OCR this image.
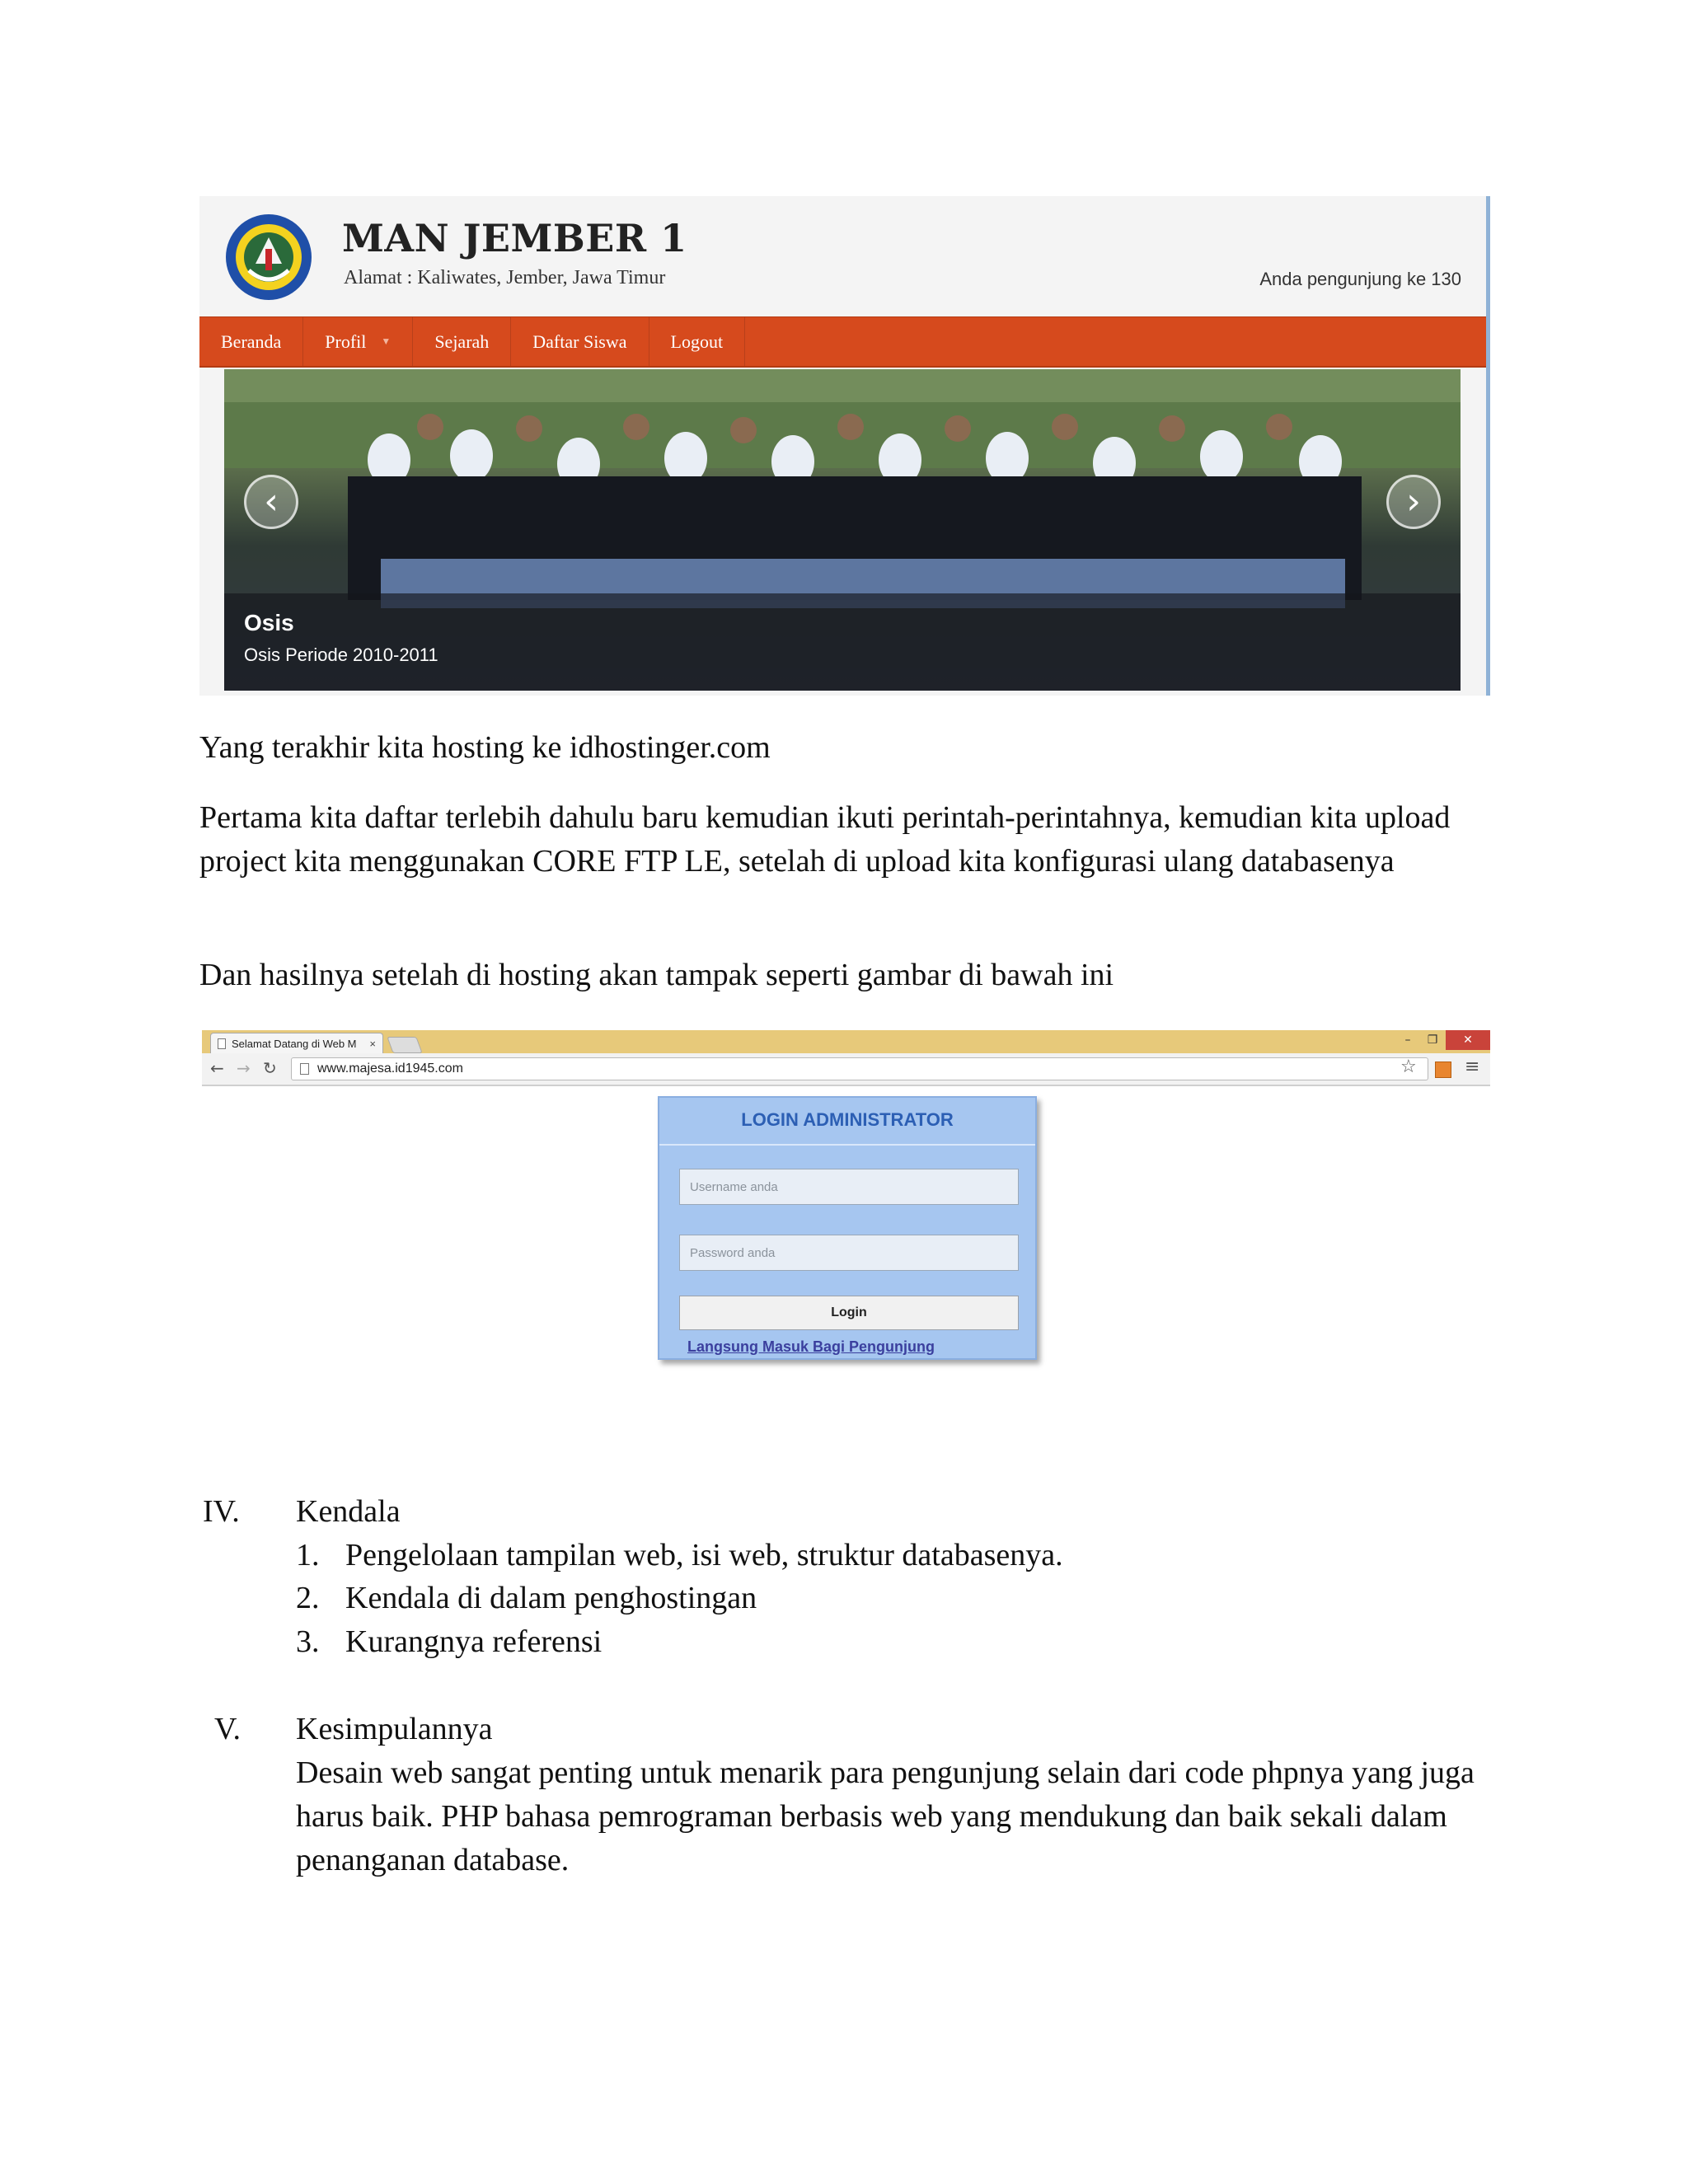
MAN JEMBER 1
Alamat : Kaliwates, Jember, Jawa Timur	Anda pengunjung ke 130
Beranda Profil ▼ Sejarah Daftar Siswa Logout
‹	›
Osis
Osis Periode 2010-2011

Yang terakhir kita hosting ke idhostinger.com

Pertama kita daftar terlebih dahulu baru kemudian ikuti perintah-perintahnya, kemudian kita upload project kita menggunakan CORE FTP LE, setelah di upload kita konfigurasi ulang databasenya

Dan hasilnya setelah di hosting akan tampak seperti gambar di bawah ini

Selamat Datang di Web M ×	–	❐	✕
← → ↻	www.majesa.id1945.com	☆	≡
LOGIN ADMINISTRATOR
Username anda
Login
Langsung Masuk Bagi Pengunjung
IV. Kendala
1. Pengelolaan tampilan web, isi web, struktur databasenya.
2. Kendala di dalam penghostingan
3. Kurangnya referensi
V. Kesimpulannya
Desain web sangat penting untuk menarik para pengunjung selain dari code phpnya yang juga harus baik. PHP bahasa pemrograman berbasis web yang mendukung dan baik sekali dalam penanganan database.
